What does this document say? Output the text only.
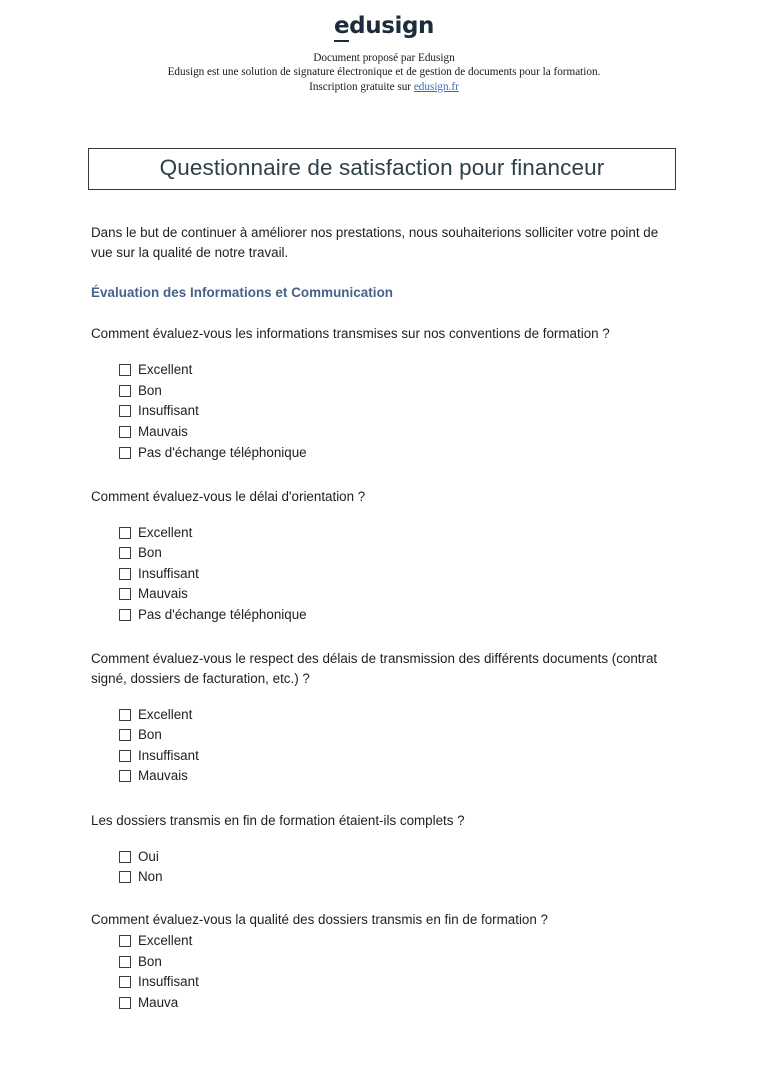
edusign
Document proposé par Edusign
Edusign est une solution de signature électronique et de gestion de documents pour la formation.
Inscription gratuite sur edusign.fr
Questionnaire de satisfaction pour financeur

Dans le but de continuer à améliorer nos prestations, nous souhaiterions solliciter votre point de vue sur la qualité de notre travail.

Évaluation des Informations et Communication
Comment évaluez-vous les informations transmises sur nos conventions de formation ?
Excellent
Bon
Insuffisant
Mauvais
Pas d'échange téléphonique
Comment évaluez-vous le délai d'orientation ?
Excellent
Bon
Insuffisant
Mauvais
Pas d'échange téléphonique
Comment évaluez-vous le respect des délais de transmission des différents documents (contrat signé, dossiers de facturation, etc.) ?
Excellent
Bon
Insuffisant
Mauvais
Les dossiers transmis en fin de formation étaient-ils complets ?
Oui
Non
Comment évaluez-vous la qualité des dossiers transmis en fin de formation ?
Excellent
Bon
Insuffisant
Mauva
